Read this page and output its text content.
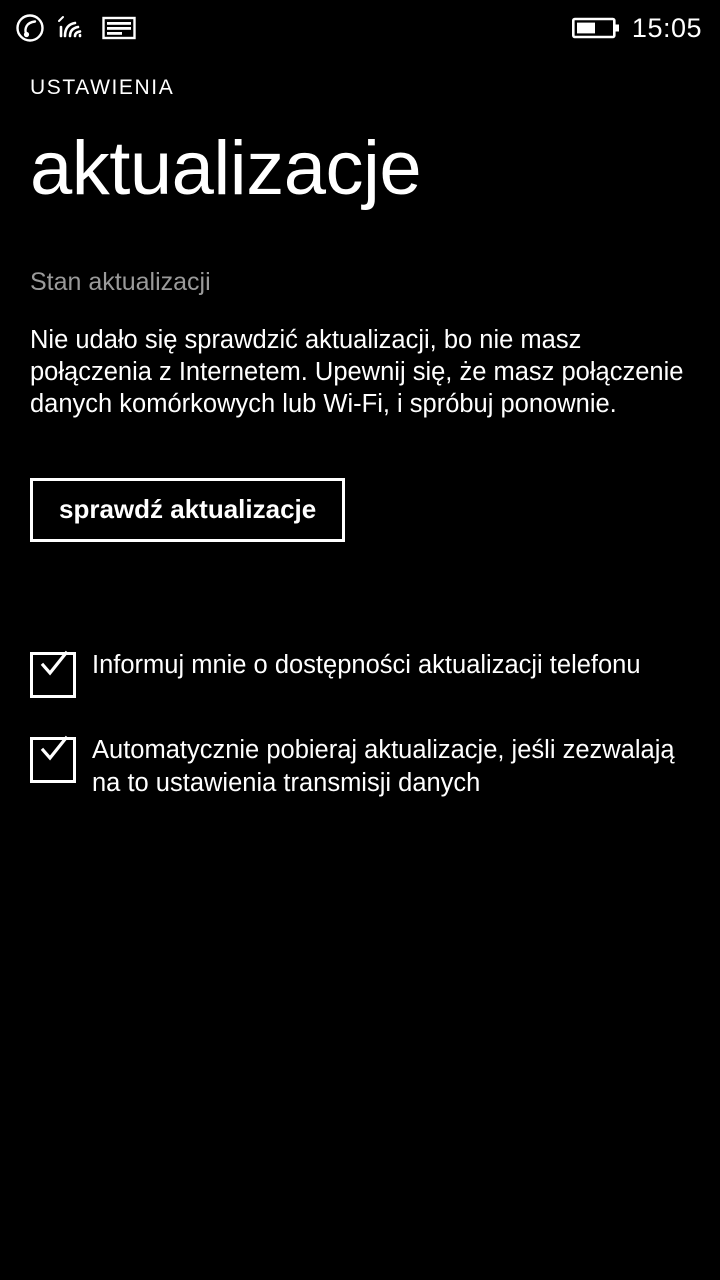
15:05
USTAWIENIA
aktualizacje
Stan aktualizacji

Nie udało się sprawdzić aktualizacji, bo nie masz połączenia z Internetem. Upewnij się, że masz połączenie danych komórkowych lub Wi-Fi, i spróbuj ponownie.

sprawdź aktualizacje
Informuj mnie o dostępności aktualizacji telefonu
Automatycznie pobieraj aktualizacje, jeśli zezwalają na to ustawienia transmisji danych
